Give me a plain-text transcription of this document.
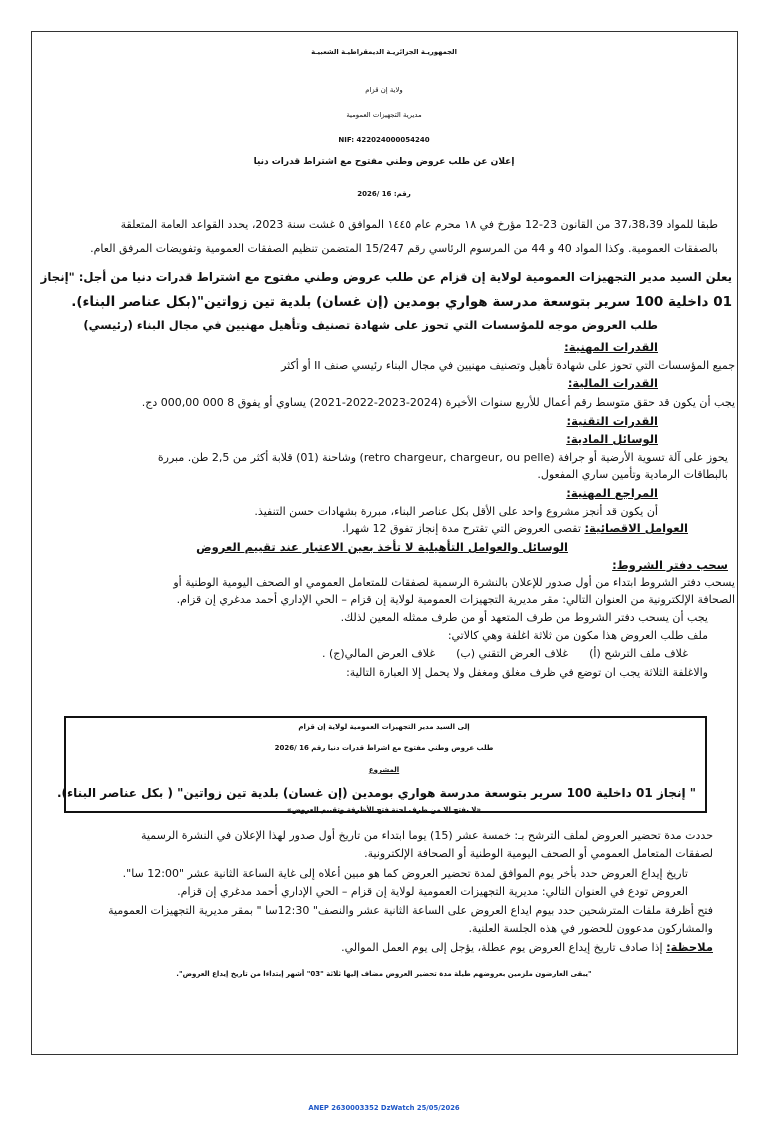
الجمهوريـة الجزائريـة الديمقراطيـة الشعبيـة
ولاية إن قزام
مديرية التجهيزات العمومية
NIF: 422024000054240
إعلان عن طلب عروض وطني مفتوح مع اشتراط قدرات دنيا
رقم: 16 /2026
طبقا للمواد 37،38،39 من القانون 23-12 مؤرخ في ١٨ محرم عام ١٤٤٥ الموافق ٥ غشت سنة 2023، يحدد القواعد العامة المتعلقة
بالصفقات العمومية. وكذا المواد 40 و 44 من المرسوم الرئاسي رقم 15/247 المتضمن تنظيم الصفقات العمومية وتفويضات المرفق العام.
يعلن السيد مدير التجهيزات العمومية لولاية إن قزام عن طلب عروض وطني مفتوح مع اشتراط قدرات دنيا من أجل: "إنجاز
01 داخلية 100 سرير بتوسعة مدرسة هواري بومدين (إن غسان) بلدية تين زواتين"(بكل عناصر البناء).
طلب العروض موجه للمؤسسات التي تحوز على شهادة تصنيف وتأهيل مهنيين في مجال البناء (رئيسي)
القدرات المهنية:
جميع المؤسسات التي تحوز على شهادة تأهيل وتصنيف مهنيين في مجال البناء رئيسي صنف II أو أكثر
القدرات المالية:
يجب أن يكون قد حقق متوسط رقم أعمال للأربع سنوات الأخيرة (2024-2023-2022-2021) يساوي أو يفوق 8 000 000,00 دج.
القدرات التقنية:
الوسائل المادية:
يحوز على آلة تسوية الأرضية أو جرافة (retro chargeur, chargeur, ou pelle) وشاحنة (01) قلابة أكثر من 2,5 طن. مبررة
بالبطاقات الرمادية وتأمين ساري المفعول.
المراجع المهنية:
أن يكون قد أنجز مشروع واحد على الأقل بكل عناصر البناء، مبررة بشهادات حسن التنفيذ.
العوامل الاقصائية: تقصى العروض التي تقترح مدة إنجاز تفوق 12 شهرا.
الوسائل والعوامل التأهيلية لا تأخذ بعين الاعتبار عند تقييم العروض
سحب دفتر الشروط:
يسحب دفتر الشروط ابتداء من أول صدور للإعلان بالنشرة الرسمية لصفقات للمتعامل العمومي او الصحف اليومية الوطنية أو
الصحافة الإلكترونية من العنوان التالي: مقر مديرية التجهيزات العمومية لولاية إن قزام – الحي الإداري أحمد مدغري إن قزام.
يجب أن يسحب دفتر الشروط من طرف المتعهد أو من طرف ممثله المعين لذلك.
ملف طلب العروض هذا مكون من ثلاثة اغلفة وهي كالاتي:
غلاف ملف الترشح (أ)      غلاف العرض التقني (ب)      غلاف العرض المالي(ج) .
والاغلفة الثلاثة يجب ان توضع في ظرف مغلق ومغفل ولا يحمل إلا العبارة التالية:
إلى السيد مدير التجهيزات العمومية لولاية إن قزام
طلب عروض وطني مفتوح مع اشراط قدرات دنيا رقم 16 /2026
المشروع
" إنجاز 01 داخلية 100 سرير بتوسعة مدرسة هواري بومدين (إن غسان) بلدية تين زواتين" ( بكل عناصر البناء).
«لا يفتح الا من طرف لجنة فتح الأظرفة وتقييم العروض»
حددت مدة تحضير العروض لملف الترشح بـ: خمسة عشر (15) يوما ابتداء من تاريخ أول صدور لهذا الإعلان في النشرة الرسمية
لصفقات المتعامل العمومي أو الصحف اليومية الوطنية أو الصحافة الإلكترونية.
تاريخ إيداع العروض حدد بأخر يوم الموافق لمدة تحضير العروض كما هو مبين أعلاه إلى غاية الساعة الثانية عشر "12:00 سا".
العروض تودع في العنوان التالي: مديرية التجهيزات العمومية لولاية إن قزام – الحي الإداري أحمد مدغري إن قزام.
فتح أظرفة ملفات المترشحين حدد بيوم ايداع العروض على الساعة الثانية عشر والنصف" 12:30سا " بمقر مديرية التجهيزات العمومية
والمشاركون مدعوون للحضور في هذه الجلسة العلنية.
ملاحظة: إذا صادف تاريخ إيداع العروض يوم عطلة، يؤجل إلى يوم العمل الموالي.
"يبقى العارضون ملزمين بعروضهم طيلة مدة تحضير العروض مضاف إليها ثلاثة "03" أشهر إبتداءا من تاريخ إيداع العروض".
ANEP 2630003352 DzWatch 25/05/2026
